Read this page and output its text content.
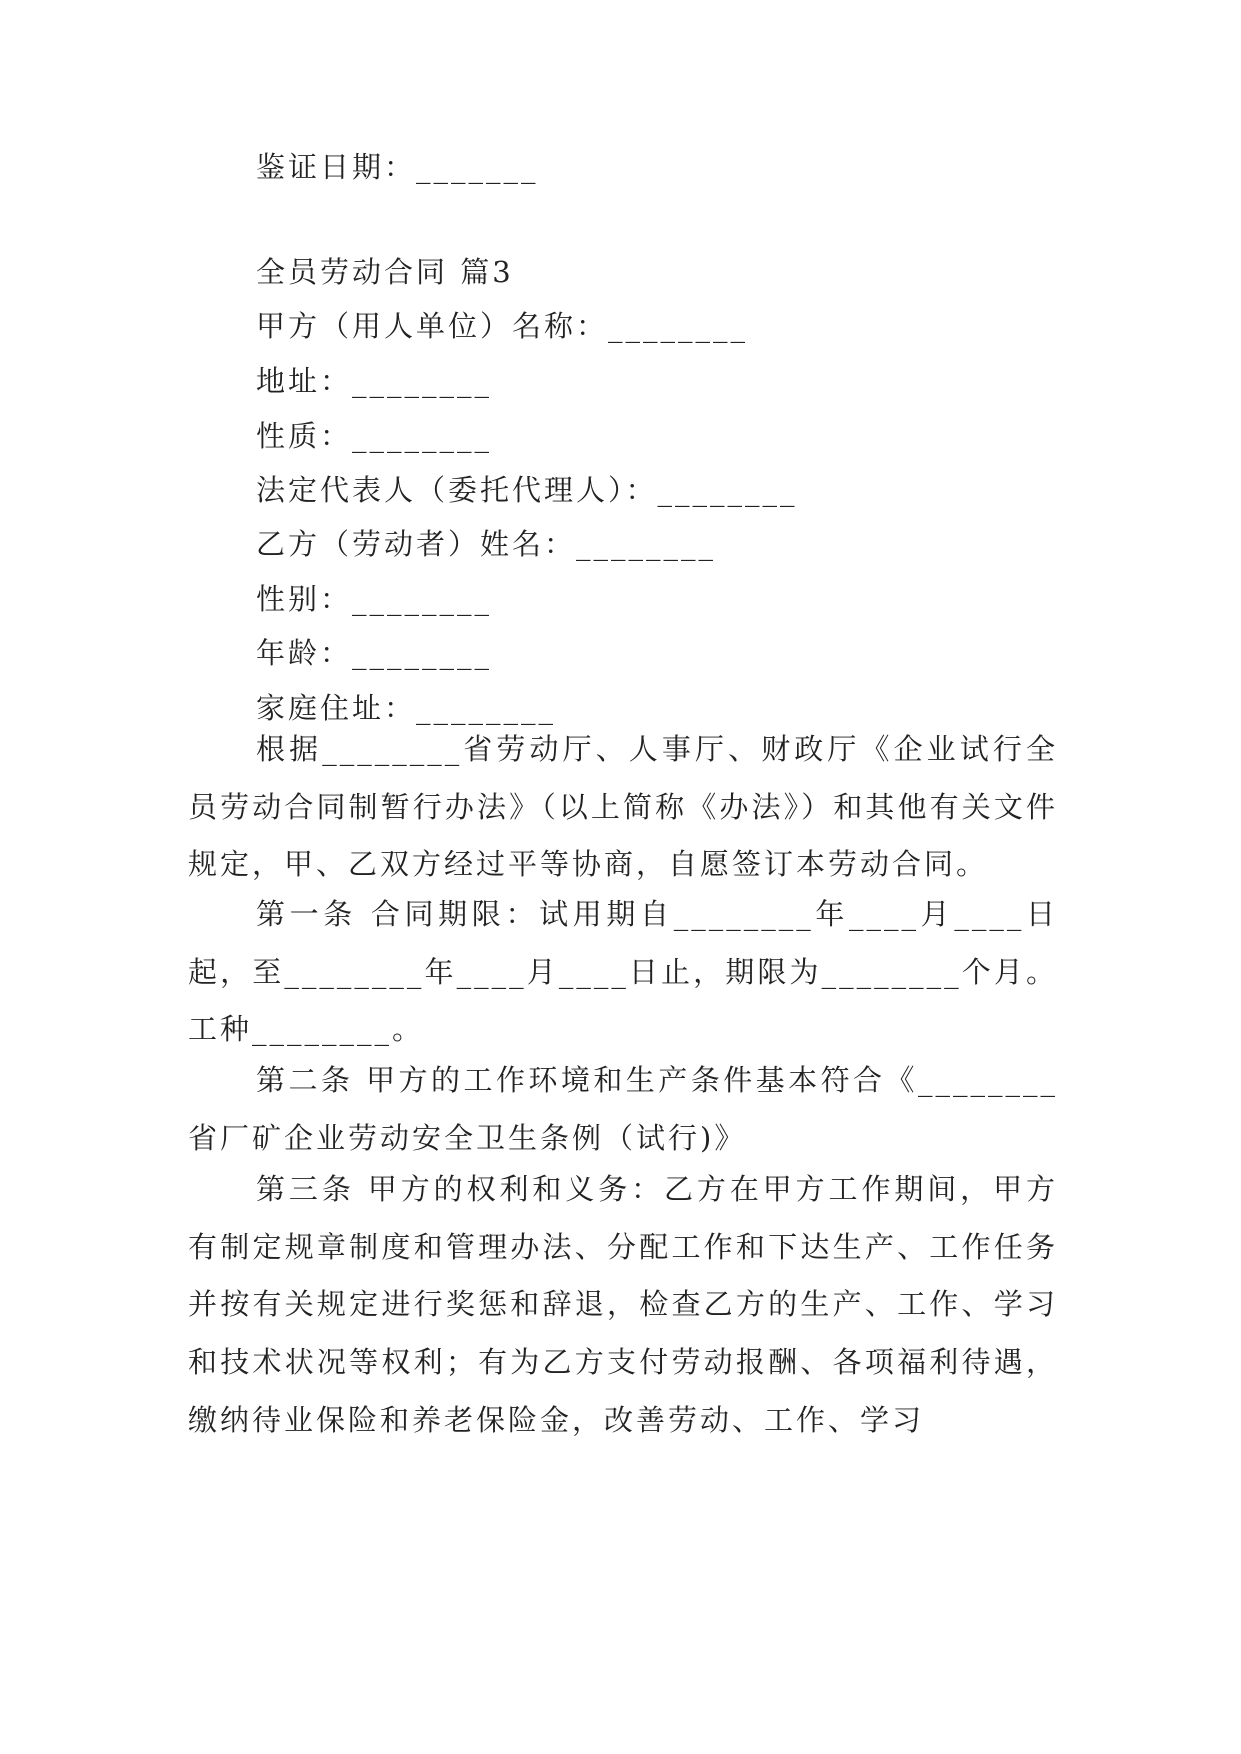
鉴证日期：_______
全员劳动合同 篇3
甲方（用人单位）名称：________
地址：________
性质：________
法定代表人（委托代理人）：________
乙方（劳动者）姓名：________
性别：________
年龄：________
家庭住址：________
根据________省劳动厅、人事厅、财政厅《企业试行全员劳动合同制暂行办法》（以上简称《办法》）和其他有关文件规定，甲、乙双方经过平等协商，自愿签订本劳动合同。
第一条 合同期限：试用期自________年____月____日起，至________年____月____日止，期限为________个月。工种________。
第二条 甲方的工作环境和生产条件基本符合《________省厂矿企业劳动安全卫生条例（试行)》
第三条 甲方的权利和义务：乙方在甲方工作期间，甲方有制定规章制度和管理办法、分配工作和下达生产、工作任务并按有关规定进行奖惩和辞退，检查乙方的生产、工作、学习和技术状况等权利；有为乙方支付劳动报酬、各项福利待遇，缴纳待业保险和养老保险金，改善劳动、工作、学习
